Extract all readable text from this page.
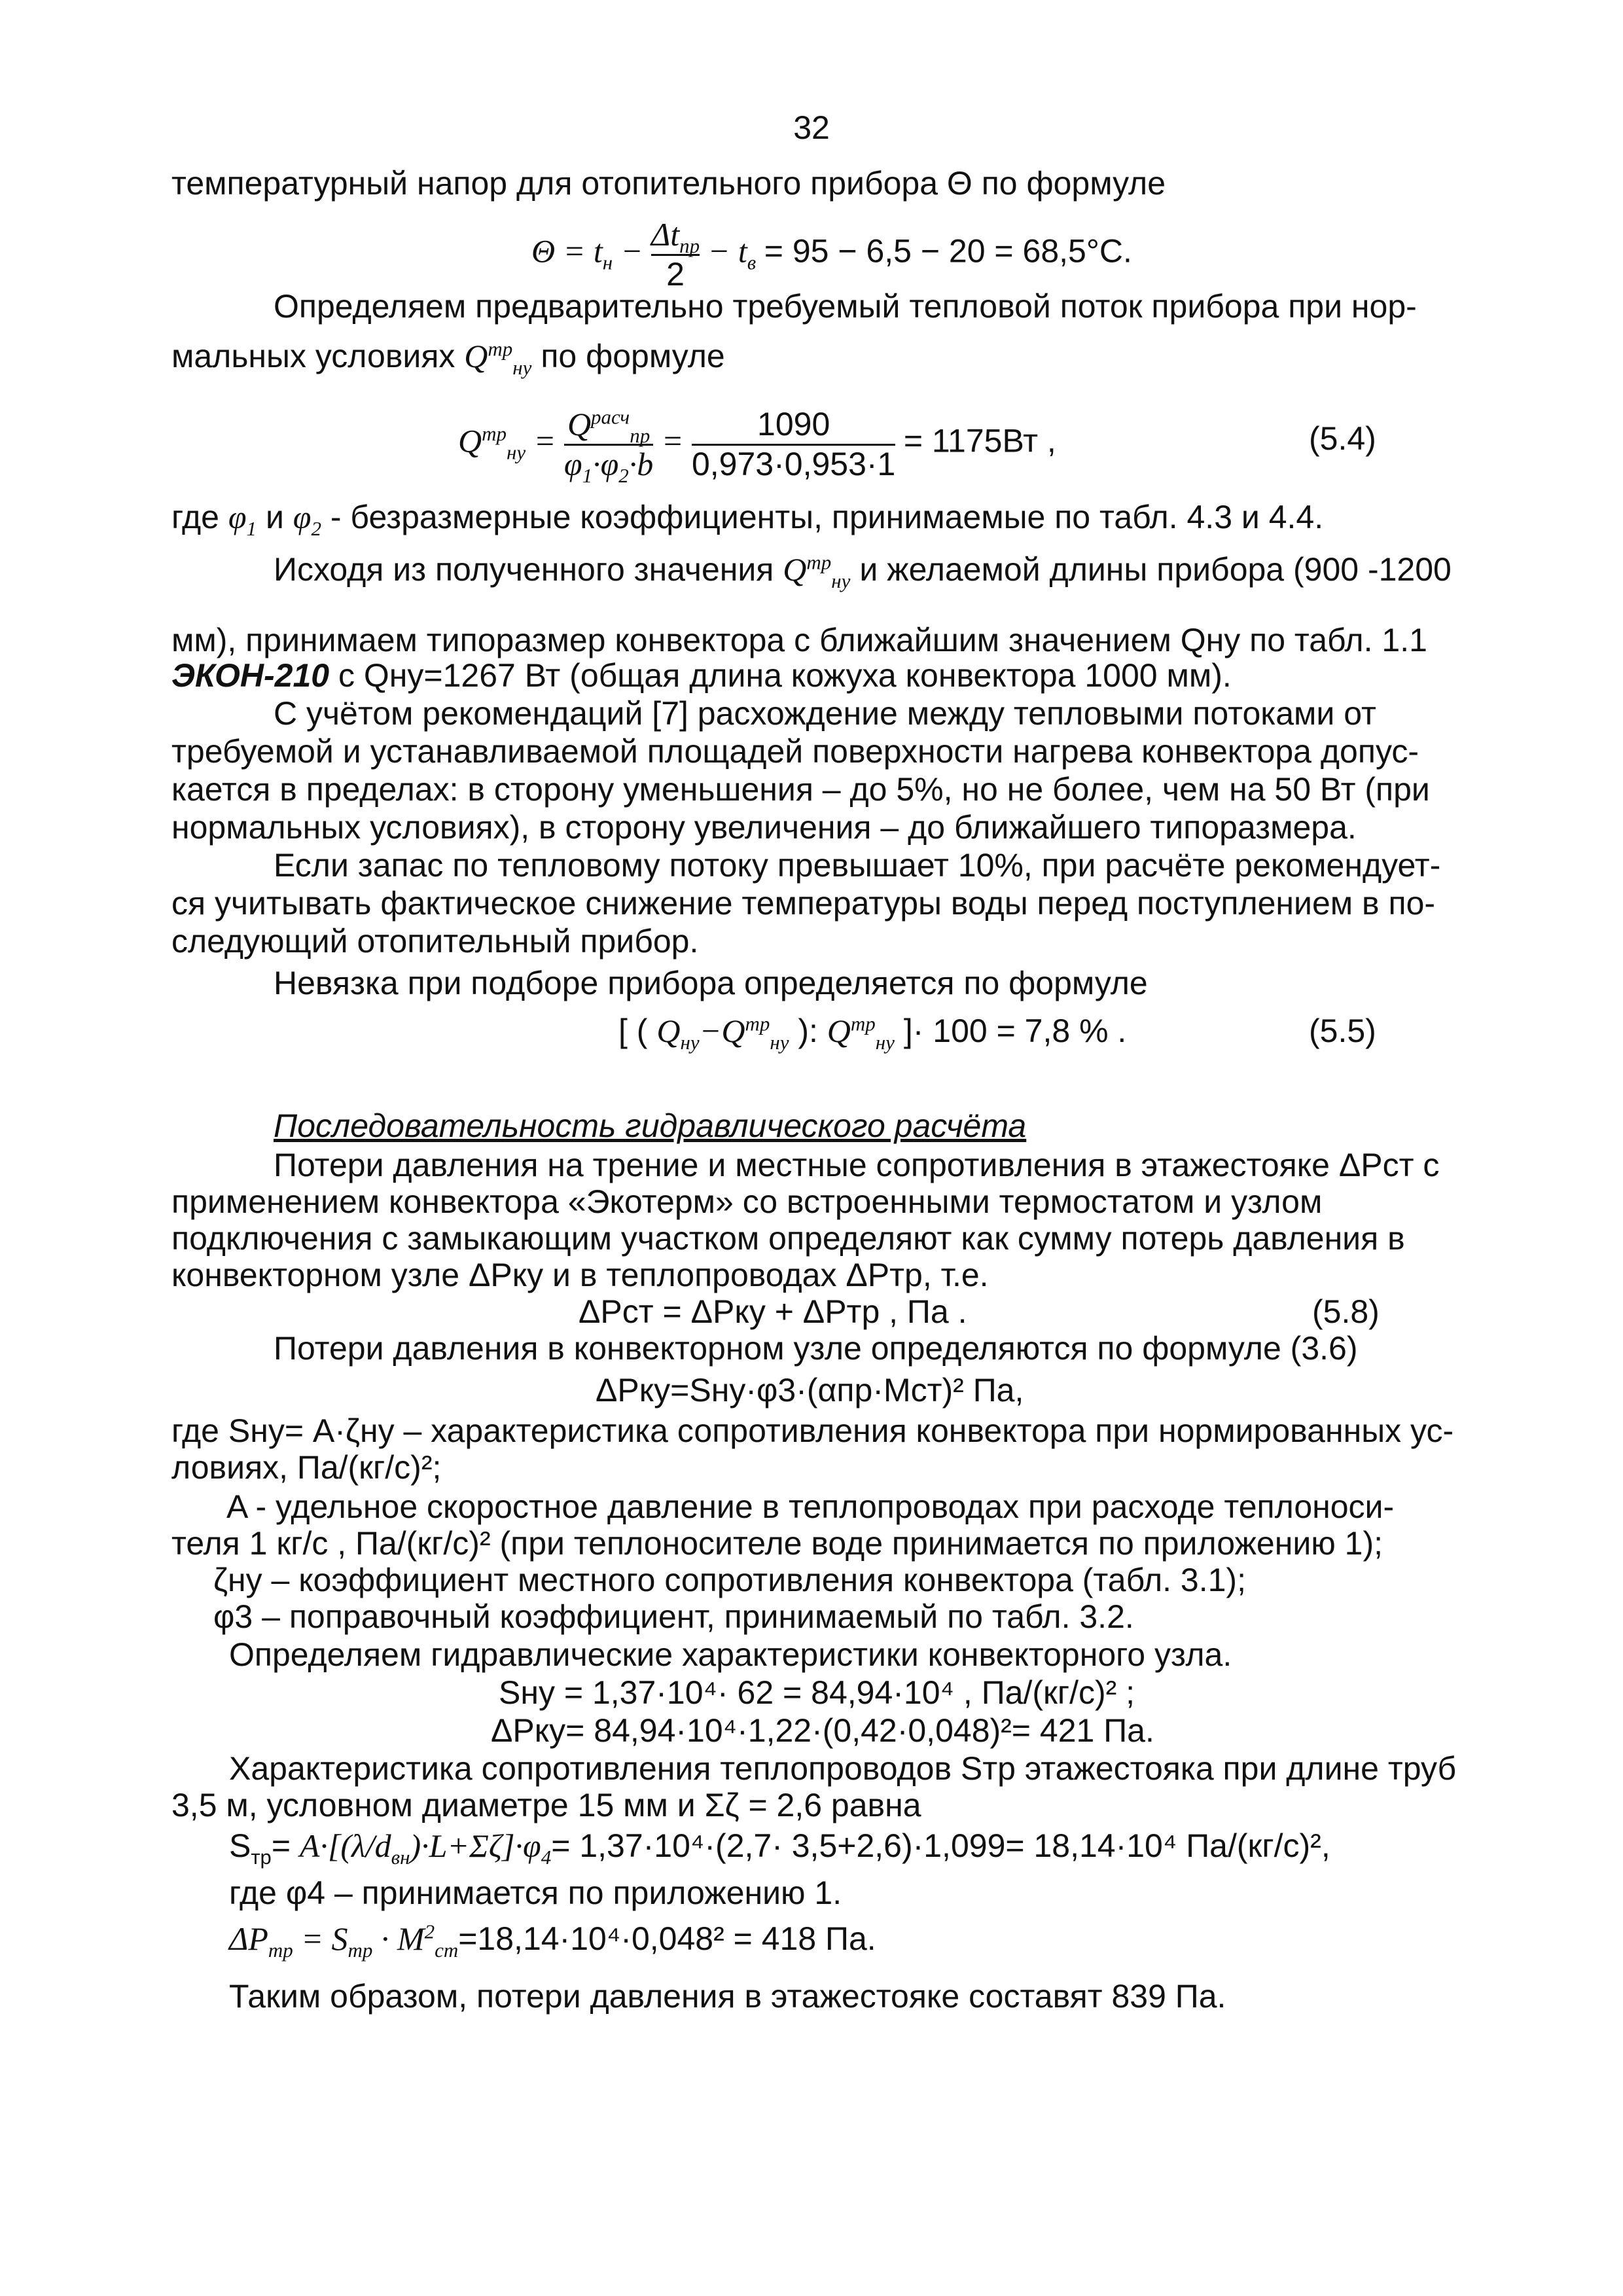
32
температурный напор для отопительного прибора Θ по формуле
$\Theta = t_н - \frac{\Delta t_{пр}}{2} - t_в = 95 - 6,5 - 20 = 68,5^\circ С$.
Определяем предварительно требуемый тепловой поток прибора при нор-
мальных условиях $Q^{тр}_{ну}$ по формуле
$Q^{тр}_{ну} = \frac{Q^{расч}_{пр}}{\varphi_1\cdot\varphi_2\cdot b} = \frac{1090}{0,973\cdot 0,953\cdot 1} = 1175Вт$ ,	(5.4)
где $\varphi_1$ и $\varphi_2$ - безразмерные коэффициенты, принимаемые по табл. 4.3 и 4.4.
Исходя из полученного значения $Q^{тр}_{ну}$ и желаемой длины прибора (900 -1200
мм), принимаем типоразмер конвектора с ближайшим значением Qну по табл. 1.1
ЭКОН-210 с Qну=1267 Вт (общая длина кожуха конвектора 1000 мм).
С учётом рекомендаций [7] расхождение между тепловыми потоками от
требуемой и устанавливаемой площадей поверхности нагрева конвектора допус-
кается в пределах: в сторону уменьшения – до 5%, но не более, чем на 50 Вт (при
нормальных условиях), в сторону увеличения – до ближайшего типоразмера.
Если запас по тепловому потоку превышает 10%, при расчёте рекомендует-
ся учитывать фактическое снижение температуры воды перед поступлением в по-
следующий отопительный прибор.
Невязка при подборе прибора определяется по формуле
[ ( $Q_{ну}-Q^{тр}_{ну}$ ): $Q^{тр}_{ну}$ ]· 100 = 7,8 % .	(5.5)
Последовательность гидравлического расчёта
Потери давления на трение и местные сопротивления в этажестояке ΔPст с
применением конвектора «Экотерм» со встроенными термостатом и узлом
подключения с замыкающим участком определяют как сумму потерь давления в
конвекторном узле ΔPку и в теплопроводах ΔPтр, т.е.
ΔPст = ΔPку + ΔPтр , Па .	(5.8)
Потери давления в конвекторном узле определяются по формуле (3.6)
ΔPку=Sну·φ3·(αпр·Mст)² Па,
где Sну= A·ζну – характеристика сопротивления конвектора при нормированных ус-
ловиях, Па/(кг/с)²;
A - удельное скоростное давление в теплопроводах при расходе теплоноси-
теля 1 кг/с , Па/(кг/с)² (при теплоносителе воде принимается по приложению 1);
ζну – коэффициент местного сопротивления конвектора (табл. 3.1);
φ3 – поправочный коэффициент, принимаемый по табл. 3.2.
Определяем гидравлические характеристики конвекторного узла.
Sну = 1,37·10⁴· 62 = 84,94·10⁴ , Па/(кг/с)² ;
ΔPку= 84,94·10⁴·1,22·(0,42·0,048)²= 421 Па.
Характеристика сопротивления теплопроводов Sтр этажестояка при длине труб
3,5 м, условном диаметре 15 мм и Σζ = 2,6 равна
$S_{тр}= A\cdot[(\lambda/d_{вн})\cdot L+\Sigma\zeta]\cdot\varphi_4= 1,37\cdot 10^4\cdot(2,7\cdot 3,5+2,6)\cdot 1,099= 18,14\cdot 10^4$ Па/(кг/с)²,
где φ4 – принимается по приложению 1.
$\Delta P_{тр} = S_{тр} \cdot M^2_{ст}=18,14\cdot 10^4\cdot 0,048^2 = 418$ Па.
Таким образом, потери давления в этажестояке составят 839 Па.
